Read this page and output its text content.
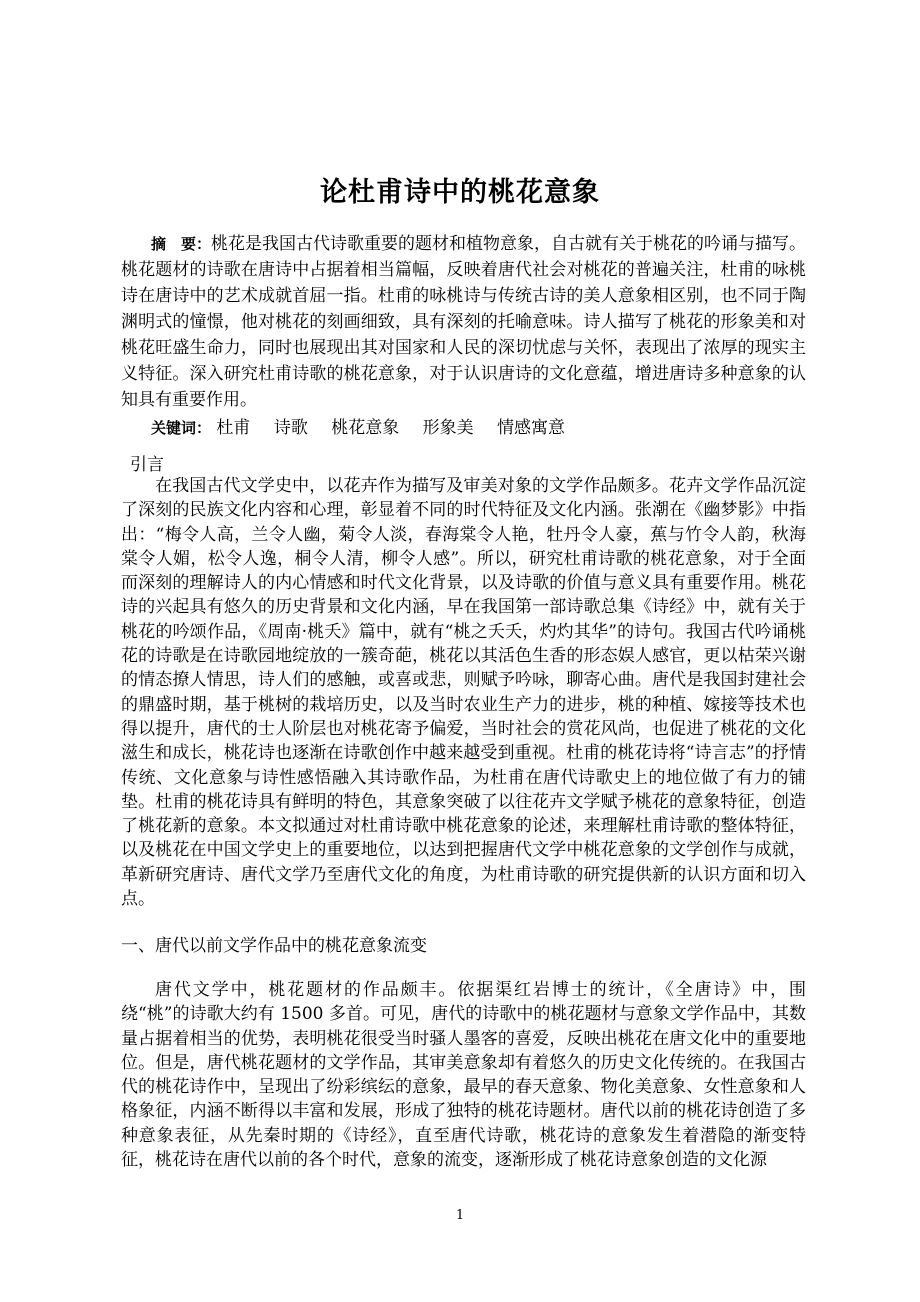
论杜甫诗中的桃花意象

摘　要：桃花是我国古代诗歌重要的题材和植物意象，自古就有关于桃花的吟诵与描写。桃花题材的诗歌在唐诗中占据着相当篇幅，反映着唐代社会对桃花的普遍关注，杜甫的咏桃诗在唐诗中的艺术成就首屈一指。杜甫的咏桃诗与传统古诗的美人意象相区别，也不同于陶渊明式的憧憬，他对桃花的刻画细致，具有深刻的托喻意味。诗人描写了桃花的形象美和对桃花旺盛生命力，同时也展现出其对国家和人民的深切忧虑与关怀，表现出了浓厚的现实主义特征。深入研究杜甫诗歌的桃花意象，对于认识唐诗的文化意蕴，增进唐诗多种意象的认知具有重要作用。

关键词： 杜甫 诗歌 桃花意象 形象美 情感寓意

引言

在我国古代文学史中，以花卉作为描写及审美对象的文学作品颇多。花卉文学作品沉淀了深刻的民族文化内容和心理，彰显着不同的时代特征及文化内涵。张潮在《幽梦影》中指出：“梅令人高，兰令人幽，菊令人淡，春海棠令人艳，牡丹令人豪，蕉与竹令人韵，秋海棠令人媚，松令人逸，桐令人清，柳令人感”。所以，研究杜甫诗歌的桃花意象，对于全面而深刻的理解诗人的内心情感和时代文化背景，以及诗歌的价值与意义具有重要作用。桃花诗的兴起具有悠久的历史背景和文化内涵，早在我国第一部诗歌总集《诗经》中，就有关于桃花的吟颂作品，《周南·桃夭》篇中，就有“桃之夭夭，灼灼其华”的诗句。我国古代吟诵桃花的诗歌是在诗歌园地绽放的一簇奇葩，桃花以其活色生香的形态娱人感官，更以枯荣兴谢的情态撩人情思，诗人们的感触，或喜或悲，则赋予吟咏，聊寄心曲。唐代是我国封建社会的鼎盛时期，基于桃树的栽培历史，以及当时农业生产力的进步，桃的种植、嫁接等技术也得以提升，唐代的士人阶层也对桃花寄予偏爱，当时社会的赏花风尚，也促进了桃花的文化滋生和成长，桃花诗也逐渐在诗歌创作中越来越受到重视。杜甫的桃花诗将“诗言志”的抒情传统、文化意象与诗性感悟融入其诗歌作品，为杜甫在唐代诗歌史上的地位做了有力的铺垫。杜甫的桃花诗具有鲜明的特色，其意象突破了以往花卉文学赋予桃花的意象特征，创造了桃花新的意象。本文拟通过对杜甫诗歌中桃花意象的论述，来理解杜甫诗歌的整体特征，以及桃花在中国文学史上的重要地位，以达到把握唐代文学中桃花意象的文学创作与成就，革新研究唐诗、唐代文学乃至唐代文化的角度，为杜甫诗歌的研究提供新的认识方面和切入点。

一、唐代以前文学作品中的桃花意象流变

唐代文学中，桃花题材的作品颇丰。依据渠红岩博士的统计，《全唐诗》中，围绕“桃”的诗歌大约有 1500 多首。可见，唐代的诗歌中的桃花题材与意象文学作品中，其数量占据着相当的优势，表明桃花很受当时骚人墨客的喜爱，反映出桃花在唐文化中的重要地位。但是，唐代桃花题材的文学作品，其审美意象却有着悠久的历史文化传统的。在我国古代的桃花诗作中，呈现出了纷彩缤纭的意象，最早的春天意象、物化美意象、女性意象和人格象征，内涵不断得以丰富和发展，形成了独特的桃花诗题材。唐代以前的桃花诗创造了多种意象表征，从先秦时期的《诗经》，直至唐代诗歌，桃花诗的意象发生着潜隐的渐变特征，桃花诗在唐代以前的各个时代，意象的流变，逐渐形成了桃花诗意象创造的文化源

1
